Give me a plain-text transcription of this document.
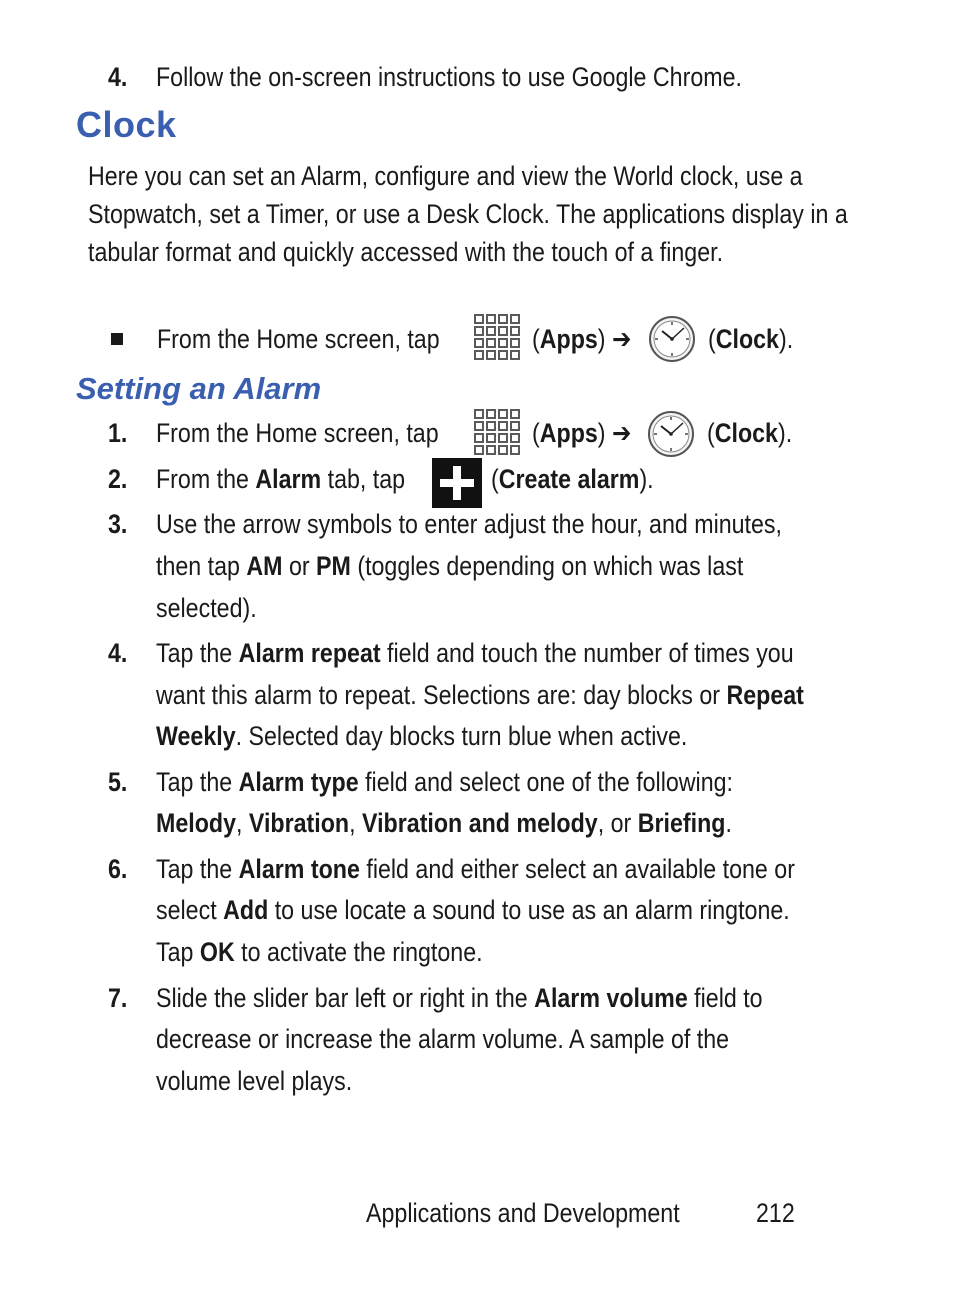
4. Follow the on-screen instructions to use Google Chrome.
Clock
Here you can set an Alarm, configure and view the World clock, use a Stopwatch, set a Timer, or use a Desk Clock. The applications display in a tabular format and quickly accessed with the touch of a finger.
From the Home screen, tap	(Apps) ➔	(Clock).
Setting an Alarm
1. From the Home screen, tap	(Apps) ➔	(Clock).
2. From the Alarm tab, tap	(Create alarm).
3. Use the arrow symbols to enter adjust the hour, and minutes,
then tap AM or PM (toggles depending on which was last
selected).
4. Tap the Alarm repeat field and touch the number of times you
want this alarm to repeat. Selections are: day blocks or Repeat
Weekly. Selected day blocks turn blue when active.
5. Tap the Alarm type field and select one of the following:
Melody, Vibration, Vibration and melody, or Briefing.
6. Tap the Alarm tone field and either select an available tone or
select Add to use locate a sound to use as an alarm ringtone.
Tap OK to activate the ringtone.
7. Slide the slider bar left or right in the Alarm volume field to
decrease or increase the alarm volume. A sample of the
volume level plays.
Applications and Development	212
